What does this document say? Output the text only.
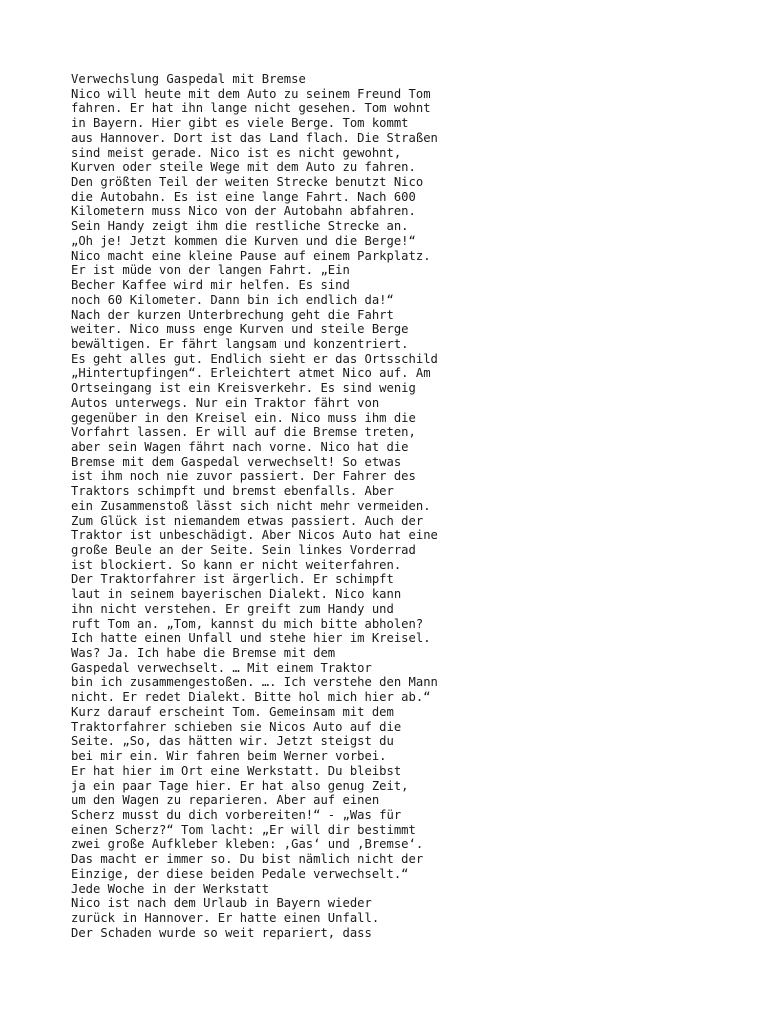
Verwechslung Gaspedal mit Bremse
Nico will heute mit dem Auto zu seinem Freund Tom
fahren. Er hat ihn lange nicht gesehen. Tom wohnt
in Bayern. Hier gibt es viele Berge. Tom kommt
aus Hannover. Dort ist das Land flach. Die Straßen
sind meist gerade. Nico ist es nicht gewohnt,
Kurven oder steile Wege mit dem Auto zu fahren.
Den größten Teil der weiten Strecke benutzt Nico
die Autobahn. Es ist eine lange Fahrt. Nach 600
Kilometern muss Nico von der Autobahn abfahren.
Sein Handy zeigt ihm die restliche Strecke an.
„Oh je! Jetzt kommen die Kurven und die Berge!“
Nico macht eine kleine Pause auf einem Parkplatz.
Er ist müde von der langen Fahrt. „Ein
Becher Kaffee wird mir helfen. Es sind
noch 60 Kilometer. Dann bin ich endlich da!“
Nach der kurzen Unterbrechung geht die Fahrt
weiter. Nico muss enge Kurven und steile Berge
bewältigen. Er fährt langsam und konzentriert.
Es geht alles gut. Endlich sieht er das Ortsschild
„Hintertupfingen“. Erleichtert atmet Nico auf. Am
Ortseingang ist ein Kreisverkehr. Es sind wenig
Autos unterwegs. Nur ein Traktor fährt von
gegenüber in den Kreisel ein. Nico muss ihm die
Vorfahrt lassen. Er will auf die Bremse treten,
aber sein Wagen fährt nach vorne. Nico hat die
Bremse mit dem Gaspedal verwechselt! So etwas
ist ihm noch nie zuvor passiert. Der Fahrer des
Traktors schimpft und bremst ebenfalls. Aber
ein Zusammenstoß lässt sich nicht mehr vermeiden.
Zum Glück ist niemandem etwas passiert. Auch der
Traktor ist unbeschädigt. Aber Nicos Auto hat eine
große Beule an der Seite. Sein linkes Vorderrad
ist blockiert. So kann er nicht weiterfahren.
Der Traktorfahrer ist ärgerlich. Er schimpft
laut in seinem bayerischen Dialekt. Nico kann
ihn nicht verstehen. Er greift zum Handy und
ruft Tom an. „Tom, kannst du mich bitte abholen?
Ich hatte einen Unfall und stehe hier im Kreisel.
Was? Ja. Ich habe die Bremse mit dem
Gaspedal verwechselt. … Mit einem Traktor
bin ich zusammengestoßen. …. Ich verstehe den Mann
nicht. Er redet Dialekt. Bitte hol mich hier ab.“
Kurz darauf erscheint Tom. Gemeinsam mit dem
Traktorfahrer schieben sie Nicos Auto auf die
Seite. „So, das hätten wir. Jetzt steigst du
bei mir ein. Wir fahren beim Werner vorbei.
Er hat hier im Ort eine Werkstatt. Du bleibst
ja ein paar Tage hier. Er hat also genug Zeit,
um den Wagen zu reparieren. Aber auf einen
Scherz musst du dich vorbereiten!“ - „Was für
einen Scherz?“ Tom lacht: „Er will dir bestimmt
zwei große Aufkleber kleben: ‚Gas‘ und ‚Bremse‘.
Das macht er immer so. Du bist nämlich nicht der
Einzige, der diese beiden Pedale verwechselt.“
Jede Woche in der Werkstatt
Nico ist nach dem Urlaub in Bayern wieder
zurück in Hannover. Er hatte einen Unfall.
Der Schaden wurde so weit repariert, dass
